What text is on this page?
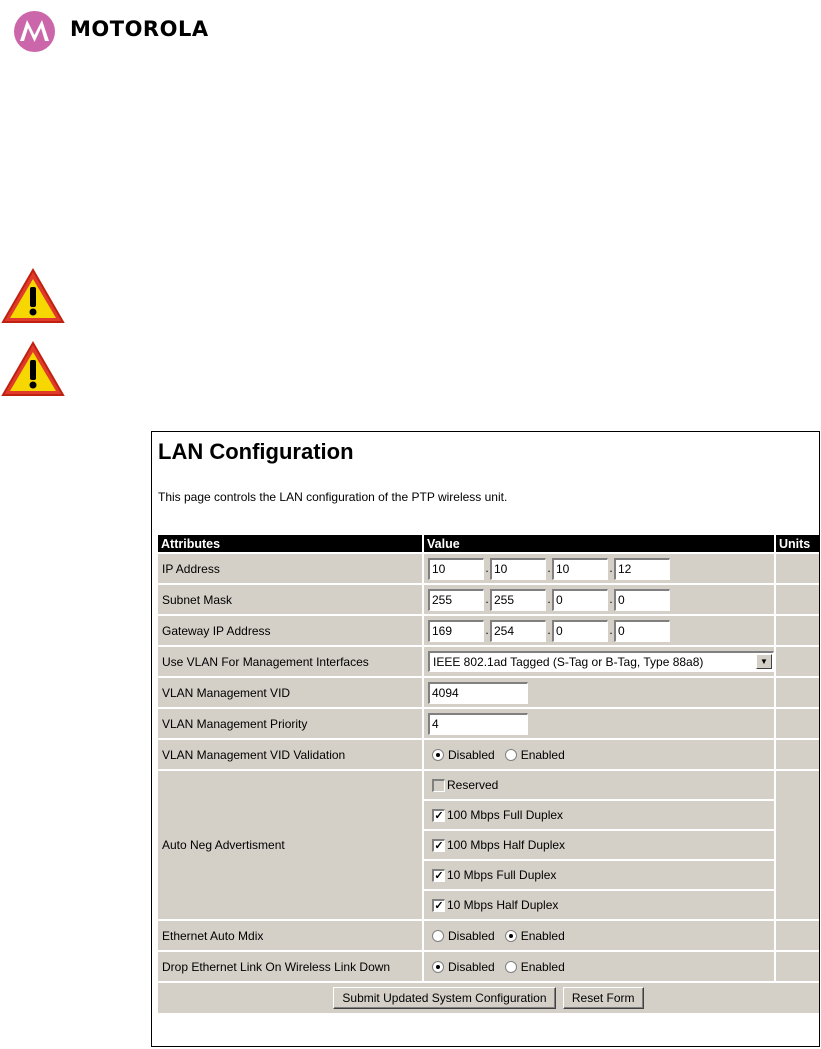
MOTOROLA
LAN Configuration
This page controls the LAN configuration of the PTP wireless unit.
Attributes	Value	Units
IP Address	10.10 .10 .12	
Subnet Mask	255.255 .0 .0	
Gateway IP Address	169.254 .0 .0	
Use VLAN For Management Interfaces	IEEE 802.1ad Tagged (S-Tag or B-Tag, Type 88a8) ▼	

VLAN Management VID	4094	
VLAN Management Priority	4	
VLAN Management VID Validation	Disabled Enabled	

Auto Neg Advertisment	Reserved	

	✓ 100 Mbps Full Duplex	

	✓ 100 Mbps Half Duplex	

	✓ 10 Mbps Full Duplex	

	✓ 10 Mbps Half Duplex	

Ethernet Auto Mdix	Disabled Enabled	

Drop Ethernet Link On Wireless Link Down	Disabled Enabled	

Submit Updated System Configuration Reset Form		
